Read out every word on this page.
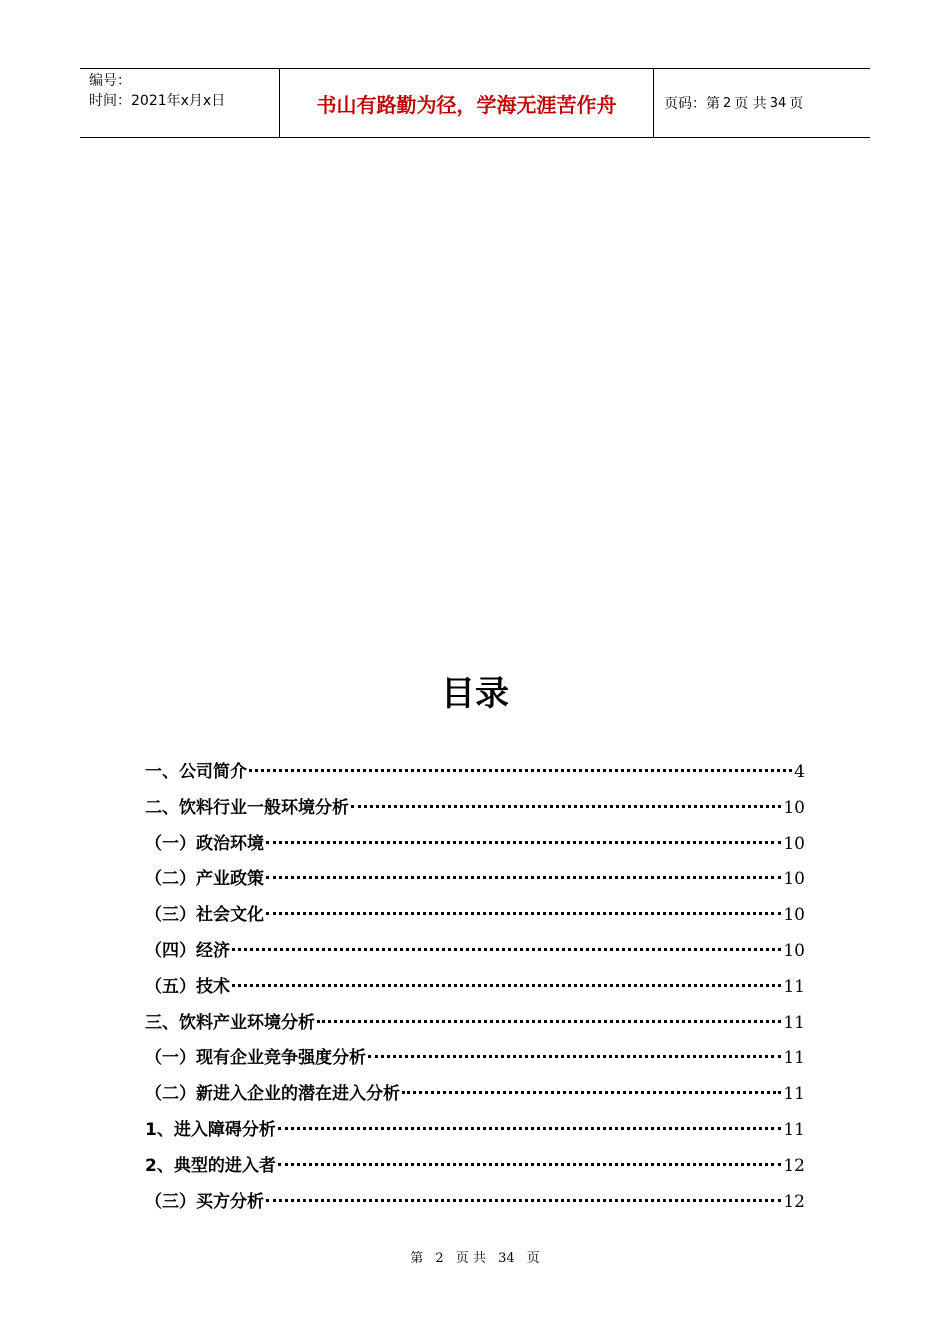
编号：
时间：2021年x月x日	书山有路勤为径，学海无涯苦作舟	页码：第 2 页 共 34 页
目录
一、公司简介	4
二、饮料行业一般环境分析	10
（一）政治环境	10
（二）产业政策	10
（三）社会文化	10
（四）经济	10
（五）技术	11
三、饮料产业环境分析	11
（一）现有企业竞争强度分析	11
（二）新进入企业的潜在进入分析	11
1、进入障碍分析	11
2、典型的进入者	12
（三）买方分析	12
第 2 页 共 34 页
